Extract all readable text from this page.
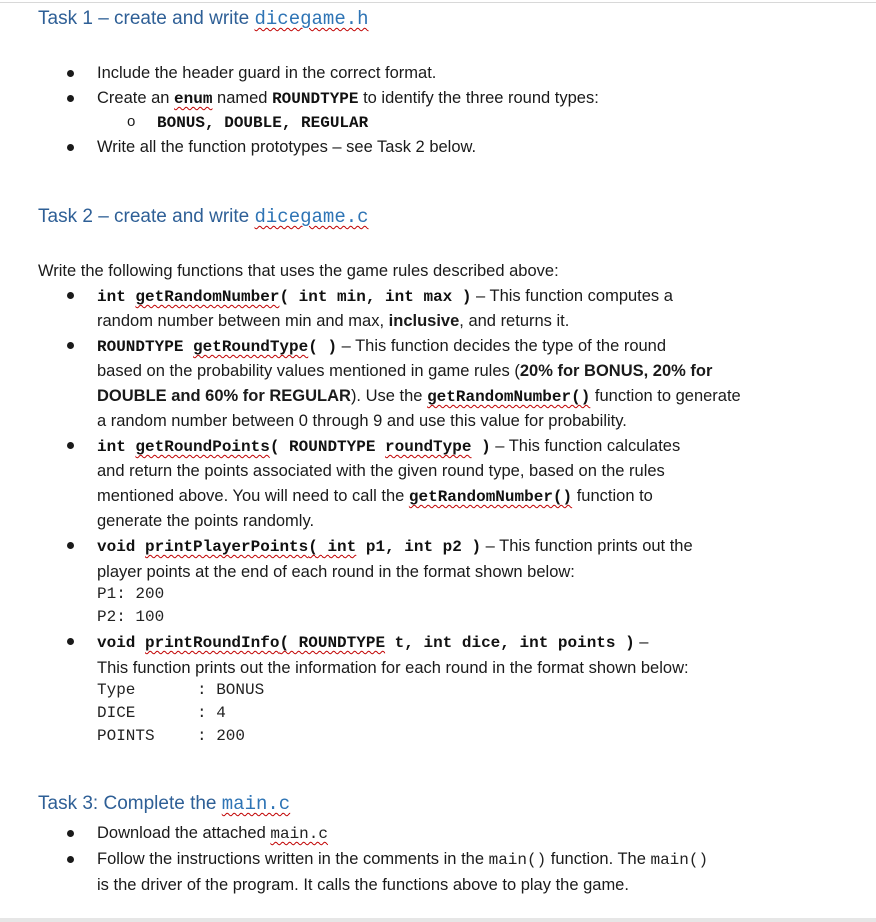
Task 1 – create and write dicegame.h
Include the header guard in the correct format.
Create an enum named ROUNDTYPE to identify the three round types:
o BONUS, DOUBLE, REGULAR
Write all the function prototypes – see Task 2 below.
Task 2 – create and write dicegame.c
Write the following functions that uses the game rules described above:
int getRandomNumber( int min, int max ) – This function computes a
random number between min and max, inclusive, and returns it.
ROUNDTYPE getRoundType( ) – This function decides the type of the round
based on the probability values mentioned in game rules (20% for BONUS, 20% for
DOUBLE and 60% for REGULAR). Use the getRandomNumber() function to generate
a random number between 0 through 9 and use this value for probability.
int getRoundPoints( ROUNDTYPE roundType ) – This function calculates
and return the points associated with the given round type, based on the rules
mentioned above. You will need to call the getRandomNumber() function to
generate the points randomly.
void printPlayerPoints( int p1, int p2 ) – This function prints out the
player points at the end of each round in the format shown below:
P1: 200
P2: 100
void printRoundInfo( ROUNDTYPE t, int dice, int points ) –
This function prints out the information for each round in the format shown below:
Type	: BONUS
DICE	: 4
POINTS	: 200
Task 3: Complete the main.c
Download the attached main.c
Follow the instructions written in the comments in the main() function. The main()
is the driver of the program. It calls the functions above to play the game.
